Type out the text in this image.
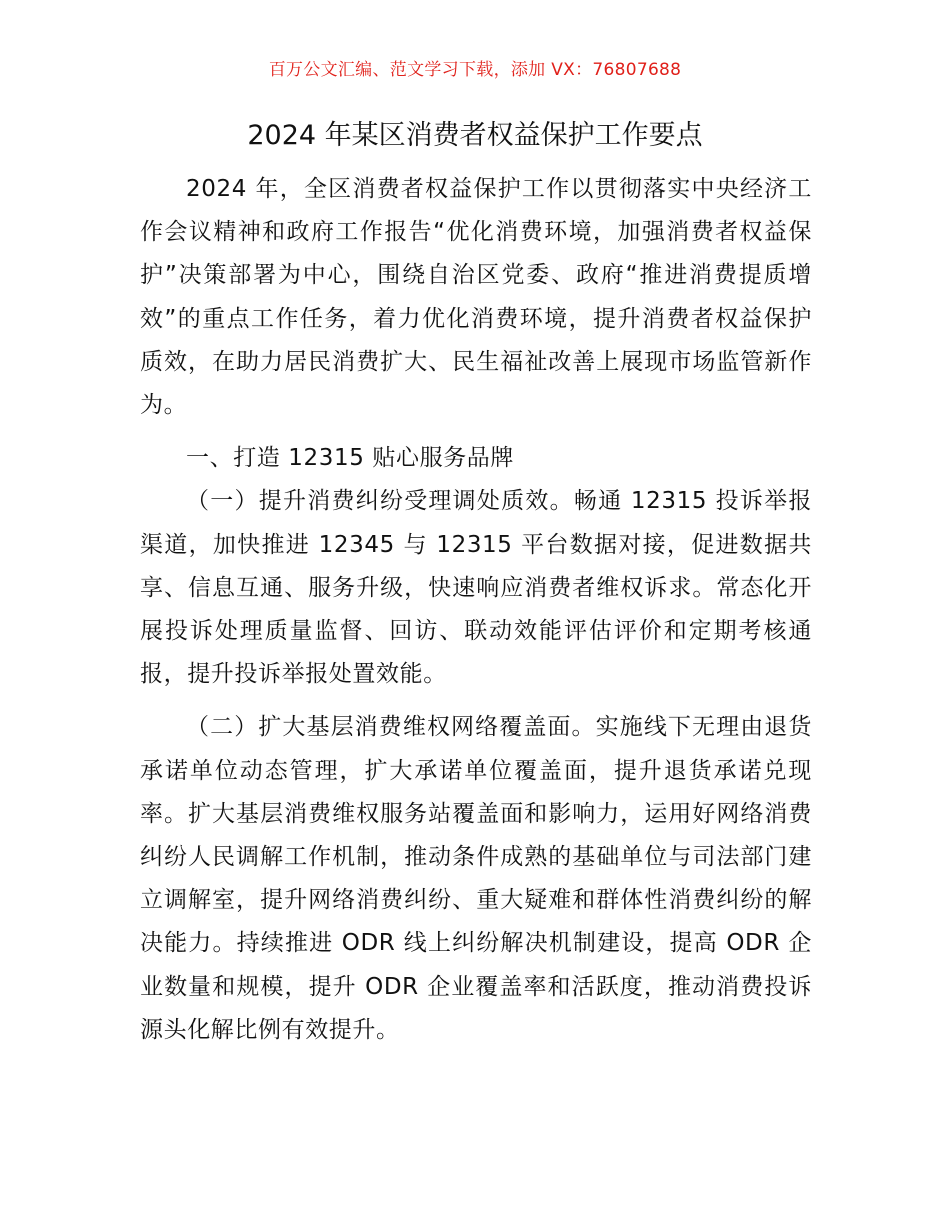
百万公文汇编、范文学习下载，添加 VX：76807688
2024 年某区消费者权益保护工作要点

2024 年，全区消费者权益保护工作以贯彻落实中央经济工作会议精神和政府工作报告“优化消费环境，加强消费者权益保护”决策部署为中心，围绕自治区党委、政府“推进消费提质增效”的重点工作任务，着力优化消费环境，提升消费者权益保护质效，在助力居民消费扩大、民生福祉改善上展现市场监管新作为。

一、打造 12315 贴心服务品牌

（一）提升消费纠纷受理调处质效。畅通 12315 投诉举报渠道，加快推进 12345 与 12315 平台数据对接，促进数据共享、信息互通、服务升级，快速响应消费者维权诉求。常态化开展投诉处理质量监督、回访、联动效能评估评价和定期考核通报，提升投诉举报处置效能。

（二）扩大基层消费维权网络覆盖面。实施线下无理由退货承诺单位动态管理，扩大承诺单位覆盖面，提升退货承诺兑现率。扩大基层消费维权服务站覆盖面和影响力，运用好网络消费纠纷人民调解工作机制，推动条件成熟的基础单位与司法部门建立调解室，提升网络消费纠纷、重大疑难和群体性消费纠纷的解决能力。持续推进 ODR 线上纠纷解决机制建设，提高 ODR 企业数量和规模，提升 ODR 企业覆盖率和活跃度，推动消费投诉源头化解比例有效提升。
